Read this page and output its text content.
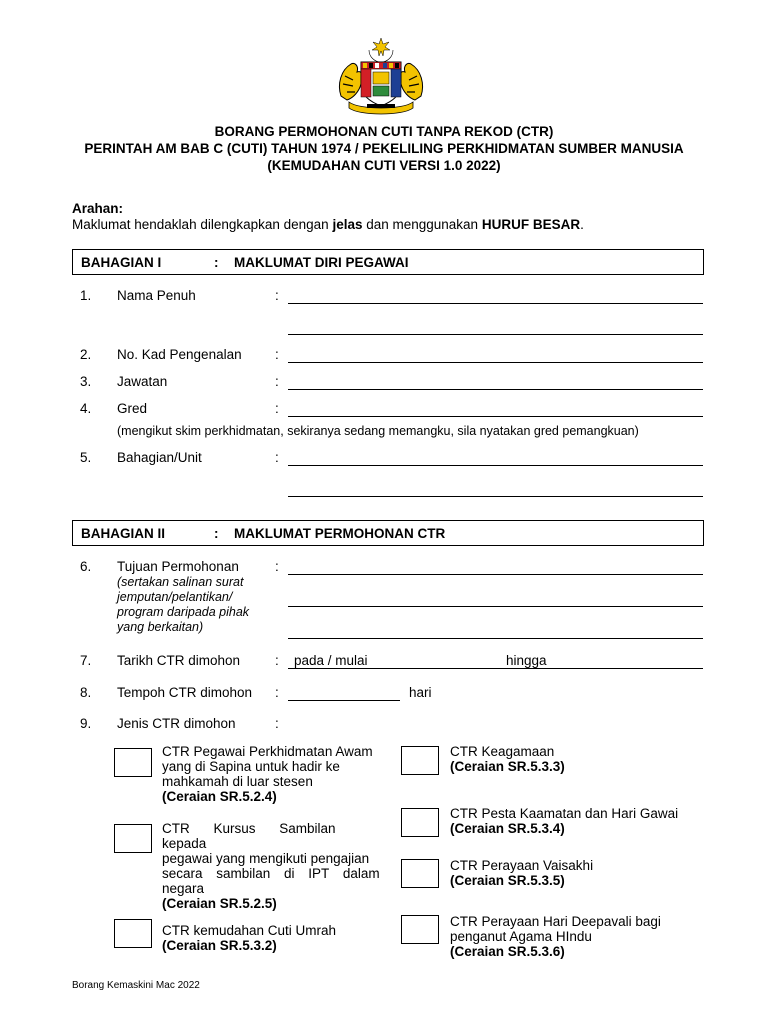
BORANG PERMOHONAN CUTI TANPA REKOD (CTR)
PERINTAH AM BAB C (CUTI) TAHUN 1974 / PEKELILING PERKHIDMATAN SUMBER MANUSIA
(KEMUDAHAN CUTI VERSI 1.0 2022)
Arahan:
Maklumat hendaklah dilengkapkan dengan jelas dan menggunakan HURUF BESAR.
BAHAGIAN I	: MAKLUMAT DIRI PEGAWAI
1. Nama Penuh	:
2. No. Kad Pengenalan :
3. Jawatan	:
4. Gred	:
(mengikut skim perkhidmatan, sekiranya sedang memangku, sila nyatakan gred pemangkuan)
5. Bahagian/Unit	:
BAHAGIAN II	: MAKLUMAT PERMOHONAN CTR
6. Tujuan Permohonan	:
(sertakan salinan surat
jemputan/pelantikan/
program daripada pihak
yang berkaitan)
7. Tarikh CTR dimohon	: pada / mulai	hingga
8. Tempoh CTR dimohon :	hari
9. Jenis CTR dimohon	:
CTR Pegawai Perkhidmatan Awam
yang di Sapina untuk hadir ke
mahkamah di luar stesen
(Ceraian SR.5.2.4)
CTR Kursus Sambilan kepada
pegawai yang mengikuti pengajian
secara sambilan di IPT dalam
negara
(Ceraian SR.5.2.5)
CTR kemudahan Cuti Umrah
(Ceraian SR.5.3.2)
CTR Keagamaan
(Ceraian SR.5.3.3)
CTR Pesta Kaamatan dan Hari Gawai
(Ceraian SR.5.3.4)
CTR Perayaan Vaisakhi
(Ceraian SR.5.3.5)
CTR Perayaan Hari Deepavali bagi
penganut Agama HIndu
(Ceraian SR.5.3.6)
Borang Kemaskini Mac 2022
